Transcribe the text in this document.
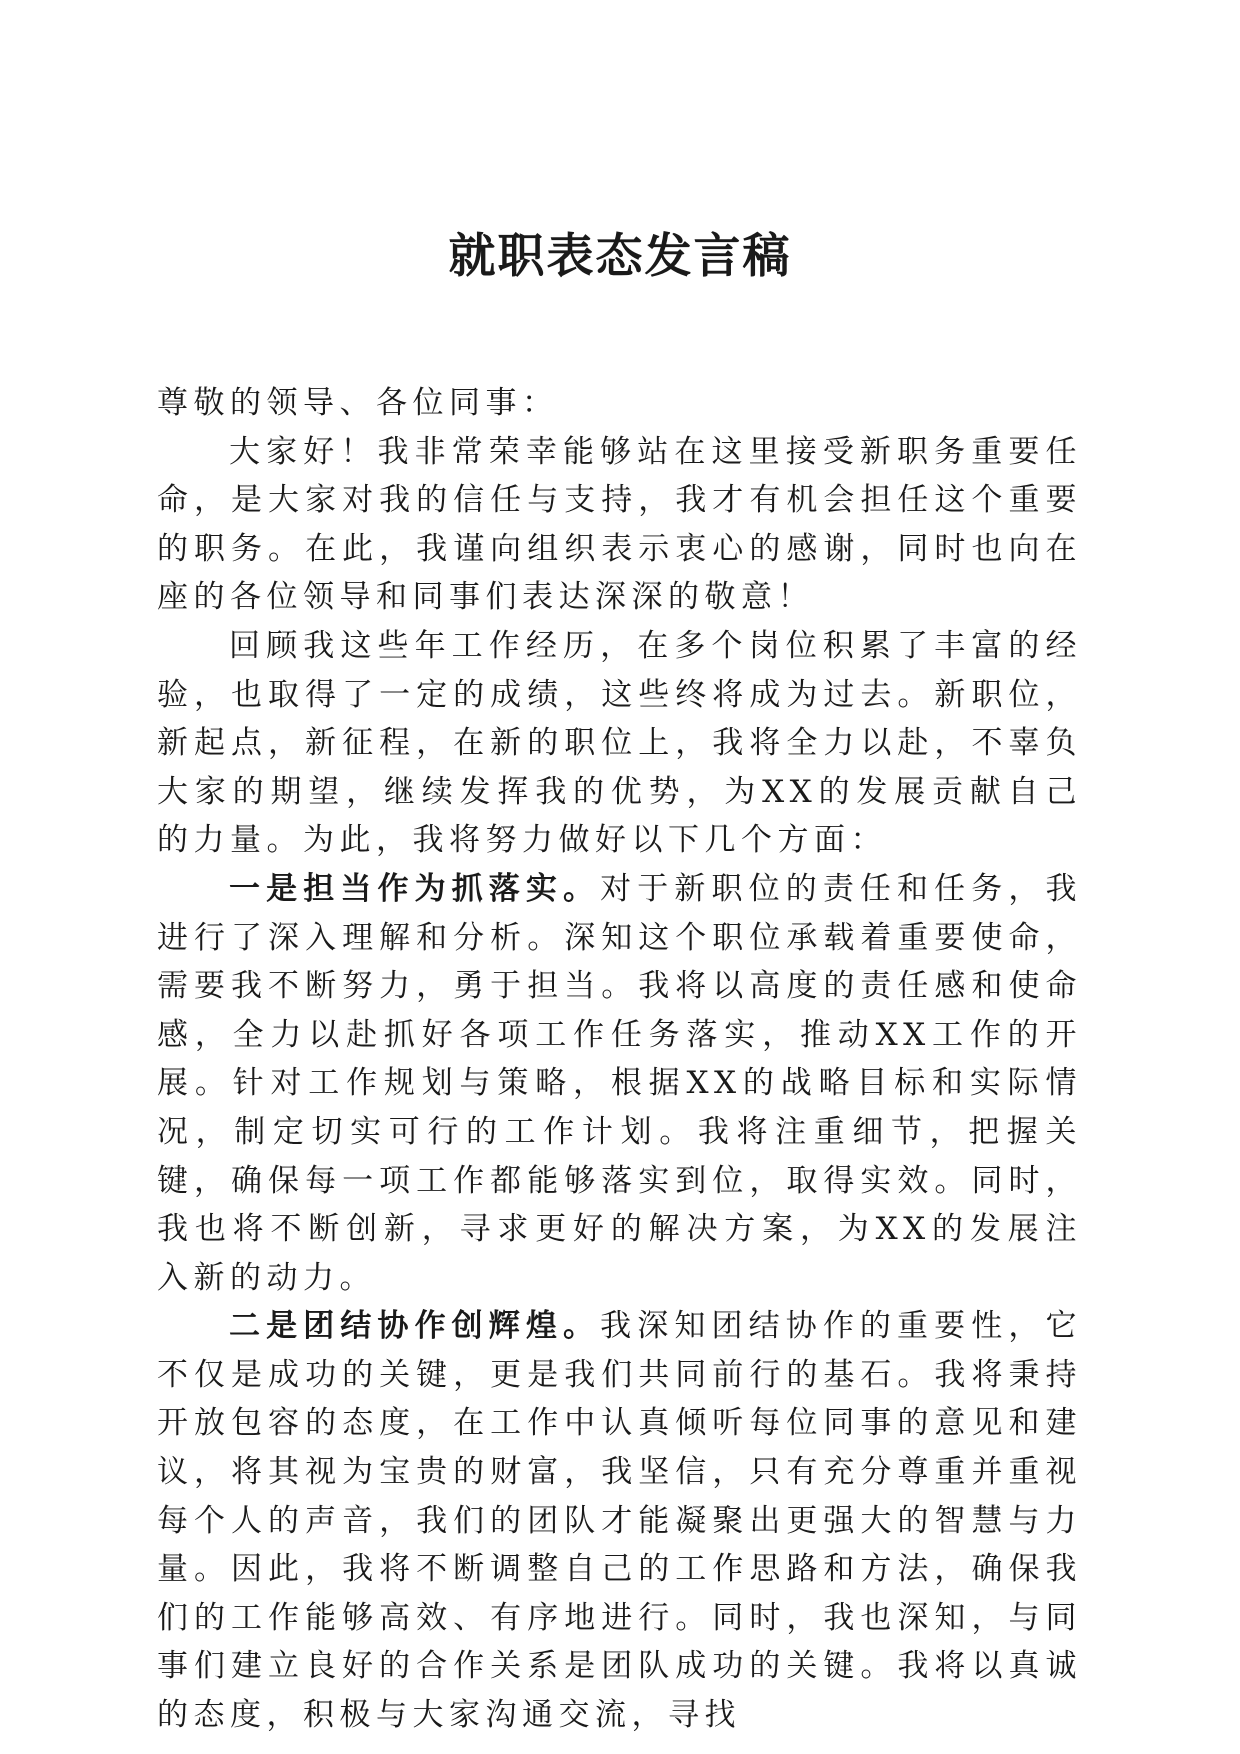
就职表态发言稿

尊敬的领导、各位同事：

大家好！我非常荣幸能够站在这里接受新职务重要任命，是大家对我的信任与支持，我才有机会担任这个重要的职务。在此，我谨向组织表示衷心的感谢，同时也向在座的各位领导和同事们表达深深的敬意！

回顾我这些年工作经历，在多个岗位积累了丰富的经验，也取得了一定的成绩，这些终将成为过去。新职位，新起点，新征程，在新的职位上，我将全力以赴，不辜负大家的期望，继续发挥我的优势，为XX的发展贡献自己的力量。为此，我将努力做好以下几个方面：

一是担当作为抓落实。对于新职位的责任和任务，我进行了深入理解和分析。深知这个职位承载着重要使命，需要我不断努力，勇于担当。我将以高度的责任感和使命感，全力以赴抓好各项工作任务落实，推动XX工作的开展。针对工作规划与策略，根据XX的战略目标和实际情况，制定切实可行的工作计划。我将注重细节，把握关键，确保每一项工作都能够落实到位，取得实效。同时，我也将不断创新，寻求更好的解决方案，为XX的发展注入新的动力。

二是团结协作创辉煌。我深知团结协作的重要性，它不仅是成功的关键，更是我们共同前行的基石。我将秉持开放包容的态度，在工作中认真倾听每位同事的意见和建议，将其视为宝贵的财富，我坚信，只有充分尊重并重视每个人的声音，我们的团队才能凝聚出更强大的智慧与力量。因此，我将不断调整自己的工作思路和方法，确保我们的工作能够高效、有序地进行。同时，我也深知，与同事们建立良好的合作关系是团队成功的关键。我将以真诚的态度，积极与大家沟通交流，寻找
